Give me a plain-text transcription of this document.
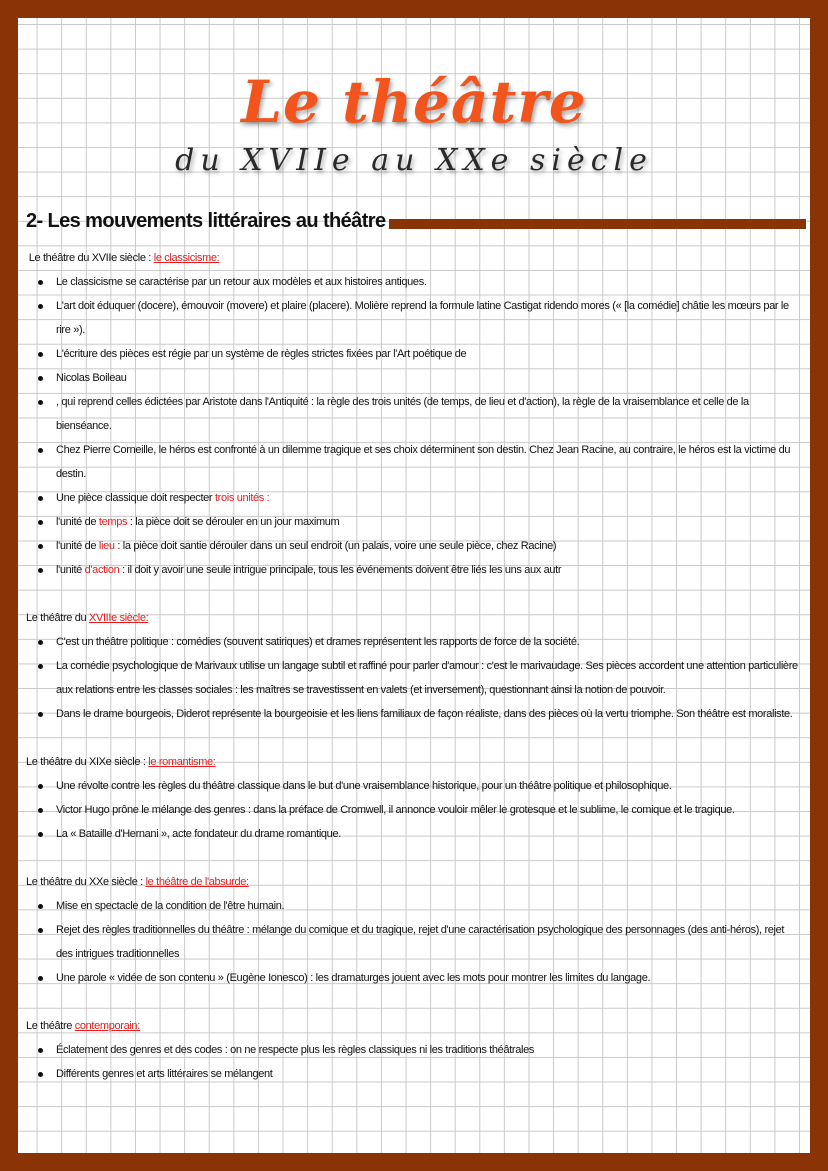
Le théâtre
du XVIIe au XXe siècle
2- Les mouvements littéraires au théâtre

Le théâtre du XVIIe siècle : le classicisme:

Le classicisme se caractérise par un retour aux modèles et aux histoires antiques.
L'art doit éduquer (docere), émouvoir (movere) et plaire (placere). Molière reprend la formule latine Castigat ridendo mores (« [la comédie] châtie les mœurs par le rire »).
L'écriture des pièces est régie par un système de règles strictes fixées par l'Art poétique de
Nicolas Boileau
, qui reprend celles édictées par Aristote dans l'Antiquité : la règle des trois unités (de temps, de lieu et d'action), la règle de la vraisemblance et celle de la bienséance.
Chez Pierre Corneille, le héros est confronté à un dilemme tragique et ses choix déterminent son destin. Chez Jean Racine, au contraire, le héros est la victime du destin.
Une pièce classique doit respecter trois unités :
l'unité de temps : la pièce doit se dérouler en un jour maximum
l'unité de lieu : la pièce doit santie dérouler dans un seul endroit (un palais, voire une seule pièce, chez Racine)
l'unité d'action : il doit y avoir une seule intrigue principale, tous les événements doivent être liés les uns aux autr

Le théâtre du XVIIIe siècle:

C'est un théâtre politique : comédies (souvent satiriques) et drames représentent les rapports de force de la société.
La comédie psychologique de Marivaux utilise un langage subtil et raffiné pour parler d'amour : c'est le marivaudage. Ses pièces accordent une attention particulière aux relations entre les classes sociales : les maîtres se travestissent en valets (et inversement), questionnant ainsi la notion de pouvoir.
Dans le drame bourgeois, Diderot représente la bourgeoisie et les liens familiaux de façon réaliste, dans des pièces où la vertu triomphe. Son théâtre est moraliste.

Le théâtre du XIXe siècle : le romantisme:

Une révolte contre les règles du théâtre classique dans le but d'une vraisemblance historique, pour un théâtre politique et philosophique.
Victor Hugo prône le mélange des genres : dans la préface de Cromwell, il annonce vouloir mêler le grotesque et le sublime, le comique et le tragique.
La « Bataille d'Hernani », acte fondateur du drame romantique.

Le théâtre du XXe siècle : le théâtre de l'absurde:

Mise en spectacle de la condition de l'être humain.
Rejet des règles traditionnelles du théâtre : mélange du comique et du tragique, rejet d'une caractérisation psychologique des personnages (des anti-héros), rejet des intrigues traditionnelles
Une parole « vidée de son contenu » (Eugène Ionesco) : les dramaturges jouent avec les mots pour montrer les limites du langage.

Le théâtre contemporain:

Éclatement des genres et des codes : on ne respecte plus les règles classiques ni les traditions théâtrales
Différents genres et arts littéraires se mélangent
